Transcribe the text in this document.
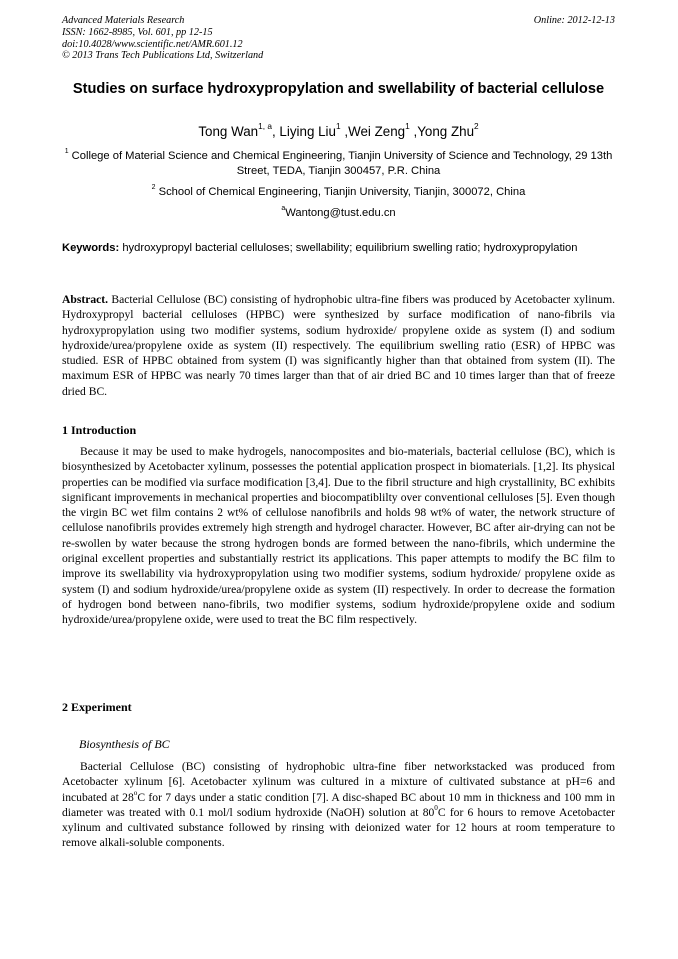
Advanced Materials Research
ISSN: 1662-8985, Vol. 601, pp 12-15
doi:10.4028/www.scientific.net/AMR.601.12
© 2013 Trans Tech Publications Ltd, Switzerland
Online: 2012-12-13
Studies on surface hydroxypropylation and swellability of bacterial cellulose
Tong Wan$^{1, a}$, Liying Liu$^1$ ,Wei Zeng$^1$ ,Yong Zhu$^2$
$^1$ College of Material Science and Chemical Engineering, Tianjin University of Science and Technology, 29 13th Street, TEDA, Tianjin 300457, P.R. China
$^2$ School of Chemical Engineering, Tianjin University, Tianjin, 300072, China
$^a$Wantong@tust.edu.cn
Keywords: hydroxypropyl bacterial celluloses; swellability; equilibrium swelling ratio; hydroxypropylation
Abstract. Bacterial Cellulose (BC) consisting of hydrophobic ultra-fine fibers was produced by Acetobacter xylinum. Hydroxypropyl bacterial celluloses (HPBC) were synthesized by surface modification of nano-fibrils via hydroxypropylation using two modifier systems, sodium hydroxide/ propylene oxide as system (I) and sodium hydroxide/urea/propylene oxide as system (II) respectively. The equilibrium swelling ratio (ESR) of HPBC was studied. ESR of HPBC obtained from system (I) was significantly higher than that obtained from system (II). The maximum ESR of HPBC was nearly 70 times larger than that of air dried BC and 10 times larger than that of freeze dried BC.
1 Introduction
Because it may be used to make hydrogels, nanocomposites and bio-materials, bacterial cellulose (BC), which is biosynthesized by Acetobacter xylinum, possesses the potential application prospect in biomaterials. [1,2]. Its physical properties can be modified via surface modification [3,4]. Due to the fibril structure and high crystallinity, BC exhibits significant improvements in mechanical properties and biocompatiblilty over conventional celluloses [5]. Even though the virgin BC wet film contains 2 wt% of cellulose nanofibrils and holds 98 wt% of water, the network structure of cellulose nanofibrils provides extremely high strength and hydrogel character. However, BC after air-drying can not be re-swollen by water because the strong hydrogen bonds are formed between the nano-fibrils, which undermine the original excellent properties and substantially restrict its applications. This paper attempts to modify the BC film to improve its swellability via hydroxypropylation using two modifier systems, sodium hydroxide/ propylene oxide as system (I) and sodium hydroxide/urea/propylene oxide as system (II) respectively. In order to decrease the formation of hydrogen bond between nano-fibrils, two modifier systems, sodium hydroxide/propylene oxide and sodium hydroxide/urea/propylene oxide, were used to treat the BC film respectively.
2 Experiment
Biosynthesis of BC
Bacterial Cellulose (BC) consisting of hydrophobic ultra-fine fiber networkstacked was produced from Acetobacter xylinum [6]. Acetobacter xylinum was cultured in a mixture of cultivated substance at pH=6 and incubated at 28$^o$C for 7 days under a static condition [7]. A disc-shaped BC about 10 mm in thickness and 100 mm in diameter was treated with 0.1 mol/l sodium hydroxide (NaOH) solution at $80^0C$ for 6 hours to remove Acetobacter xylinum and cultivated substance followed by rinsing with deionized water for 12 hours at room temperature to remove alkali-soluble components.
